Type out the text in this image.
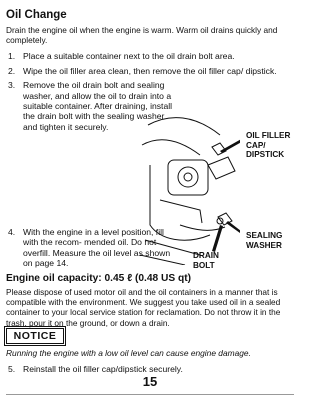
Oil Change

Drain the engine oil when the engine is warm. Warm oil drains quickly and completely.

1. Place a suitable container next to the oil drain bolt area.
2. Wipe the oil filler area clean, then remove the oil filler cap/ dipstick.
3. Remove the oil drain bolt and sealing washer, and allow the oil to drain into a suitable container. After draining, install the drain bolt with the sealing washer and tighten it securely.
OIL FILLER CAP/ DIPSTICK
SEALING WASHER
DRAIN BOLT
4. With the engine in a level position, fill with the recom- mended oil. Do not overfill. Measure the oil level as shown on page 14.
Engine oil capacity: 0.45 ℓ (0.48 US qt)

Please dispose of used motor oil and the oil containers in a manner that is compatible with the environment. We suggest you take used oil in a sealed container to your local service station for reclamation. Do not throw it in the trash, pour it on the ground, or down a drain.

NOTICE
Running the engine with a low oil level can cause engine damage.
5. Reinstall the oil filler cap/dipstick securely.
15
